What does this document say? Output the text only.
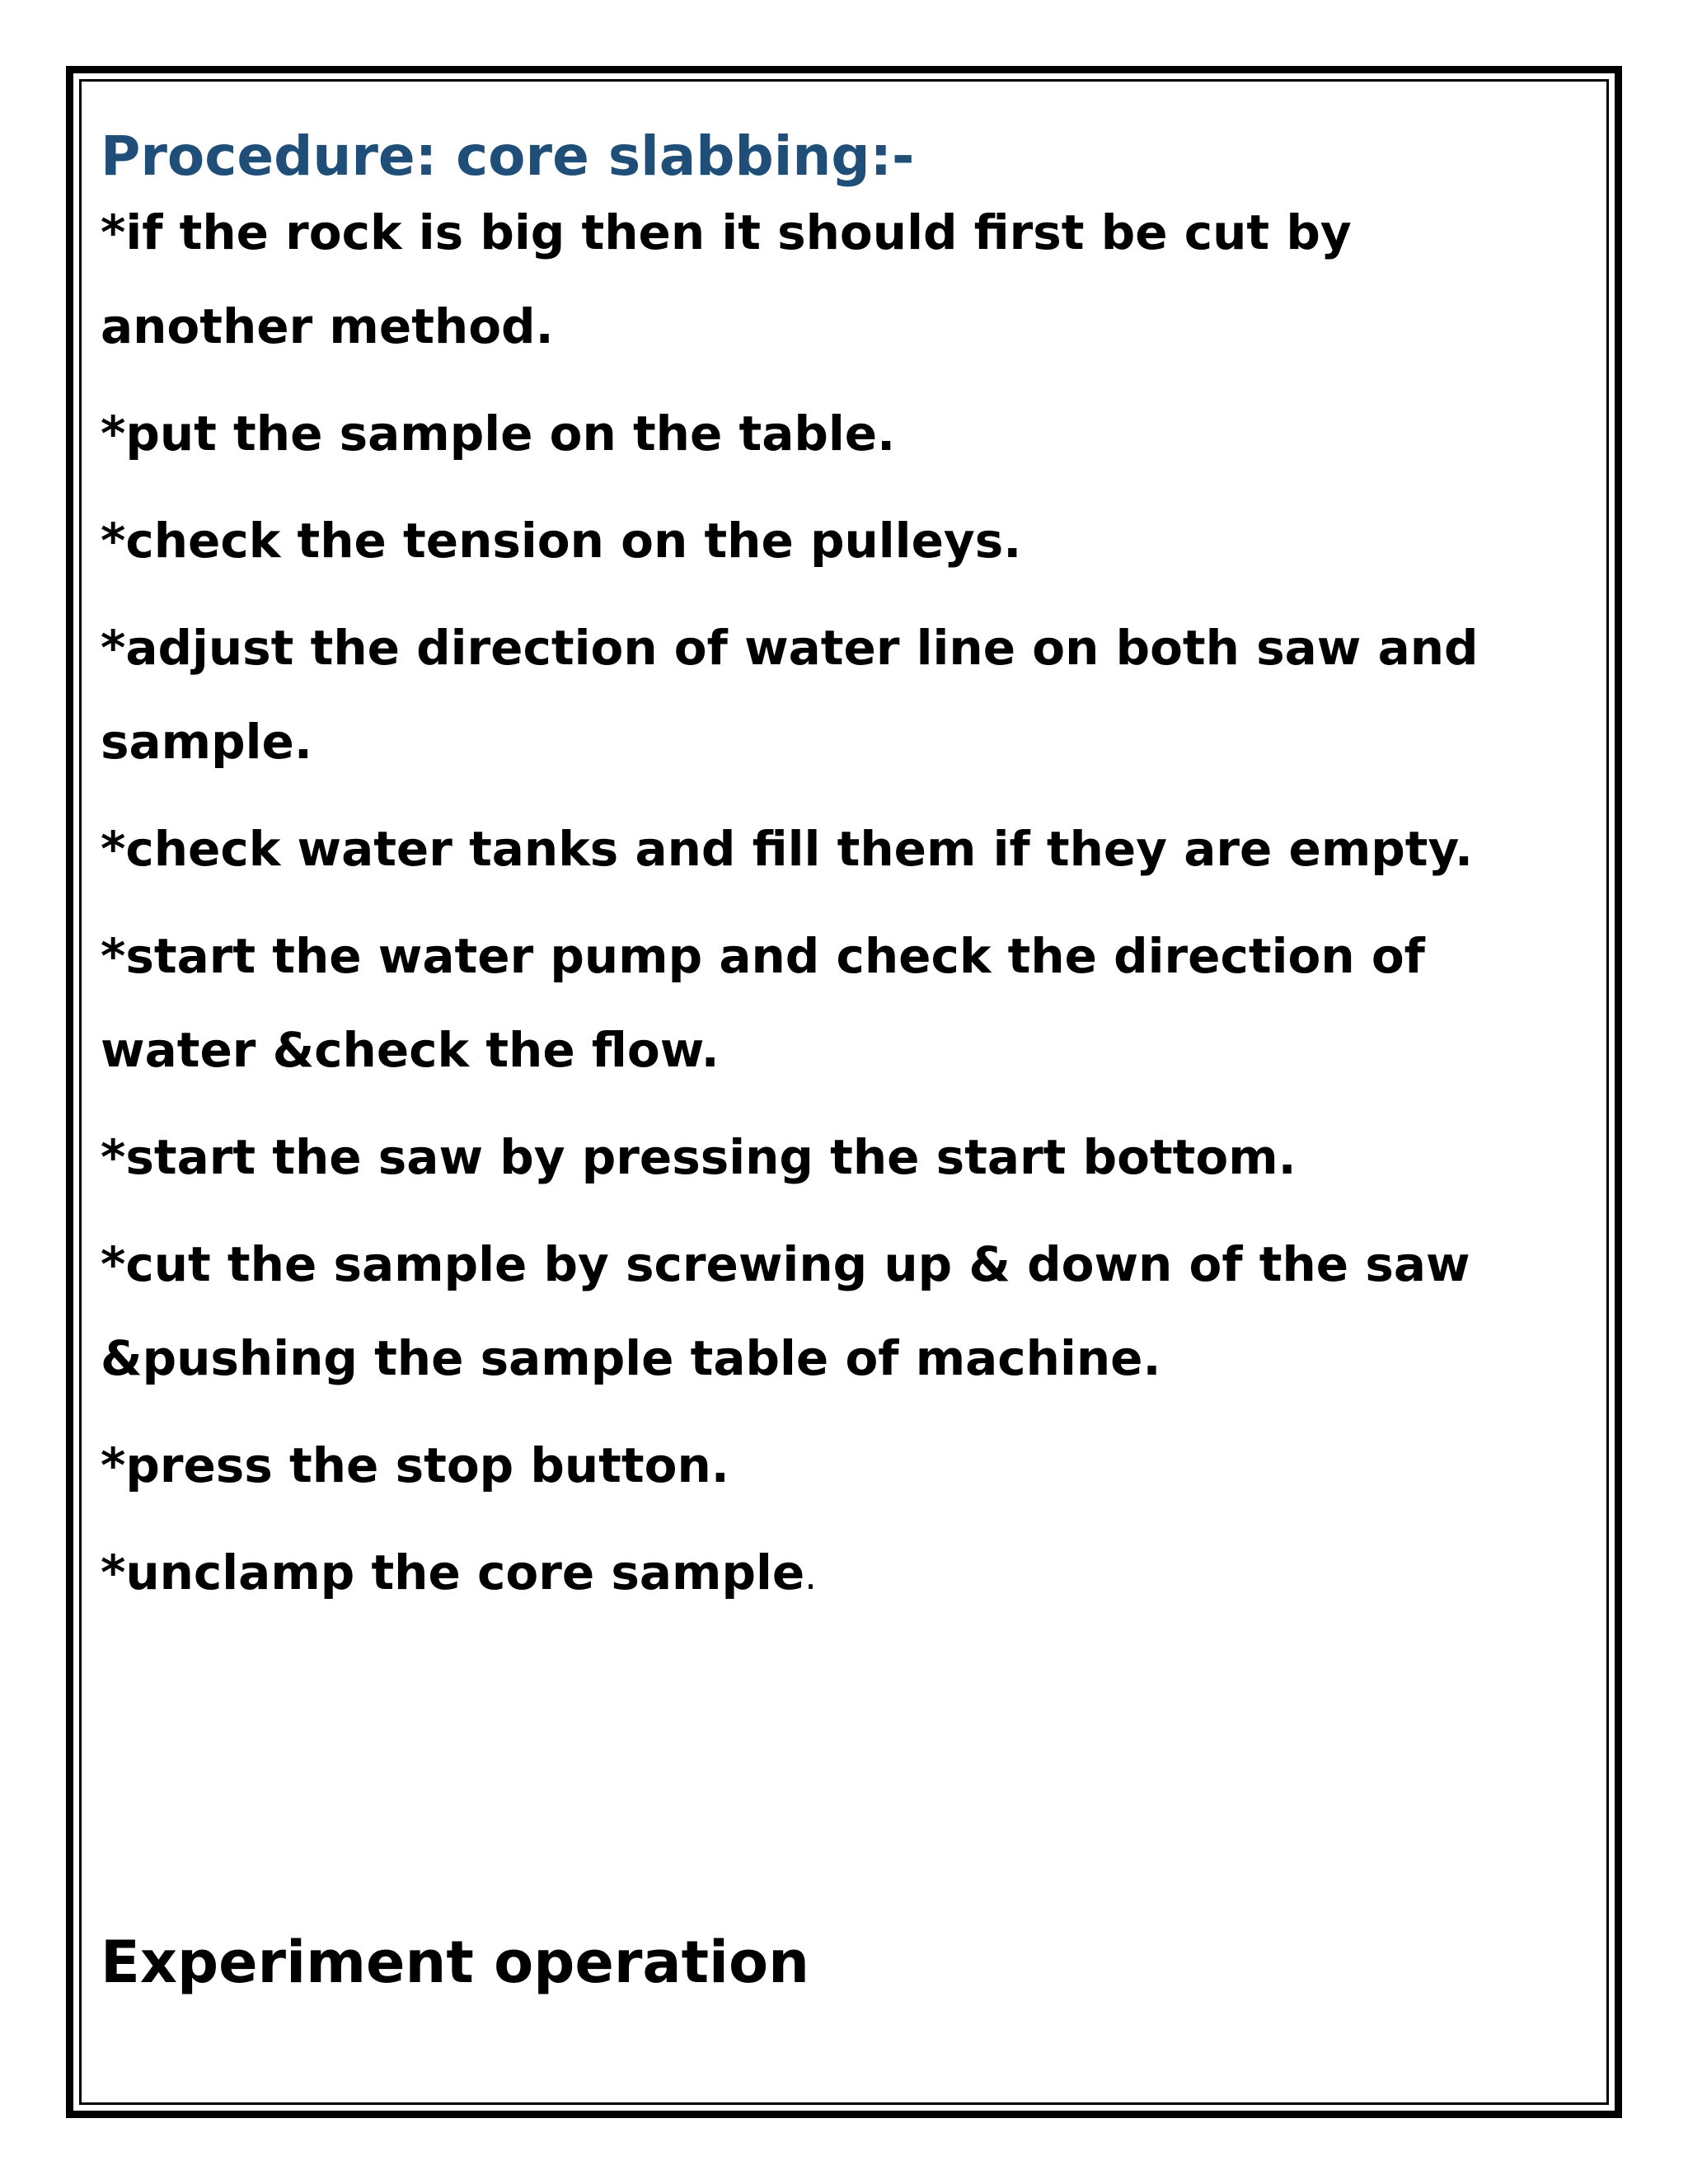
Procedure: core slabbing:-

*if the rock is big then it should first be cut by another method.

*put the sample on the table.

*check the tension on the pulleys.

*adjust the direction of water line on both saw and sample.

*check water tanks and fill them if they are empty.

*start the water pump and check the direction of water &check the flow.

*start the saw by pressing the start bottom.

*cut the sample by screwing up & down of the saw &pushing the sample table of machine.

*press the stop button.

*unclamp the core sample.

Experiment operation
